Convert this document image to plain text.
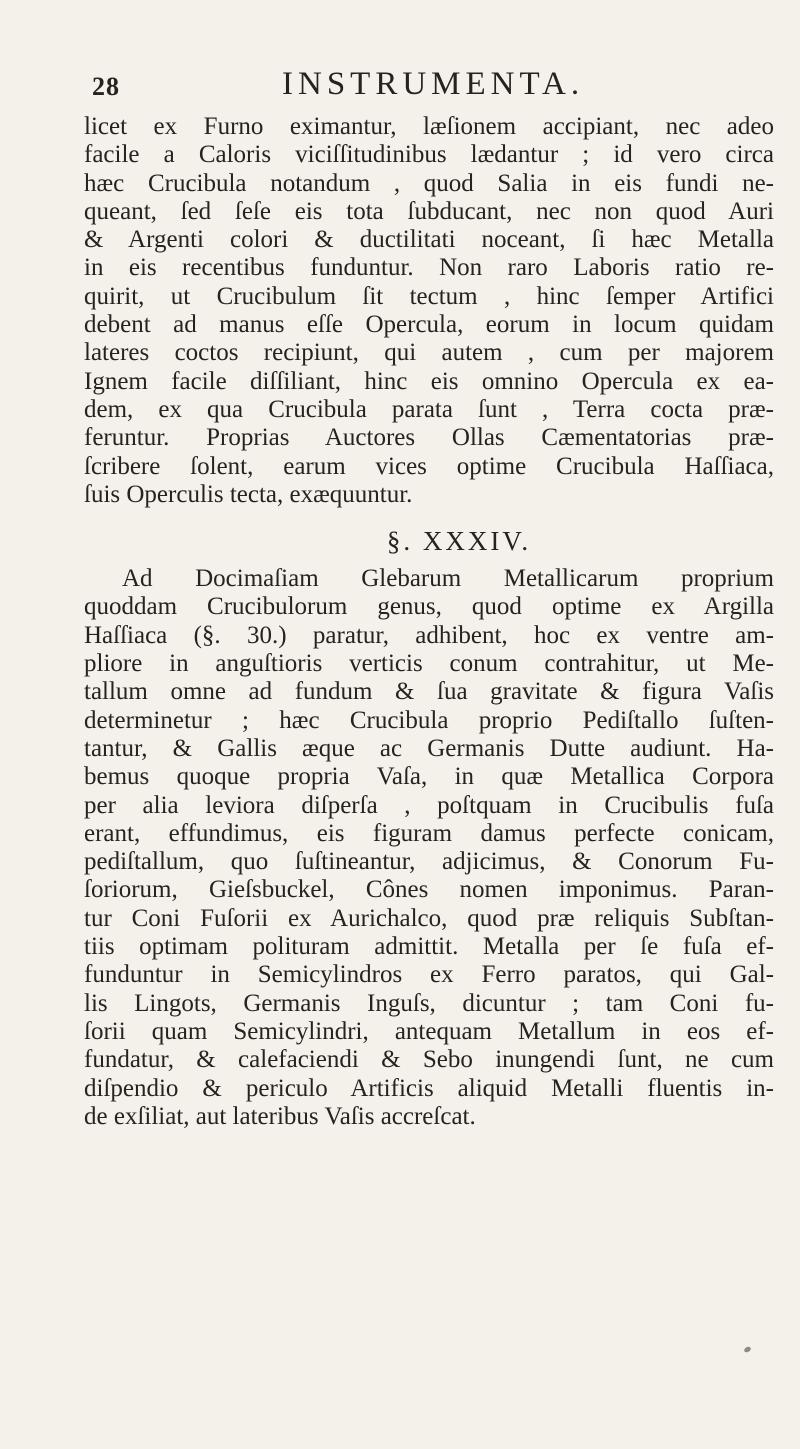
28	INSTRUMENTA.
licet ex Furno eximantur, læſionem accipiant, nec adeo
facile a Caloris viciſſitudinibus lædantur ; id vero circa
hæc Crucibula notandum , quod Salia in eis fundi ne-
queant, ſed ſeſe eis tota ſubducant, nec non quod Auri
& Argenti colori & ductilitati noceant, ſi hæc Metalla
in eis recentibus funduntur. Non raro Laboris ratio re-
quirit, ut Crucibulum ſit tectum , hinc ſemper Artifici
debent ad manus eſſe Opercula, eorum in locum quidam
lateres coctos recipiunt, qui autem , cum per majorem
Ignem facile diſſiliant, hinc eis omnino Opercula ex ea-
dem, ex qua Crucibula parata ſunt , Terra cocta præ-
feruntur. Proprias Auctores Ollas Cæmentatorias præ-
ſcribere ſolent, earum vices optime Crucibula Haſſiaca,
ſuis Operculis tecta, exæquuntur.
§. XXXIV.
Ad Docimaſiam Glebarum Metallicarum proprium
quoddam Crucibulorum genus, quod optime ex Argilla
Haſſiaca (§. 30.) paratur, adhibent, hoc ex ventre am-
pliore in anguſtioris verticis conum contrahitur, ut Me-
tallum omne ad fundum & ſua gravitate & figura Vaſis
determinetur ; hæc Crucibula proprio Pediſtallo ſuſten-
tantur, & Gallis æque ac Germanis Dutte audiunt. Ha-
bemus quoque propria Vaſa, in quæ Metallica Corpora
per alia leviora diſperſa , poſtquam in Crucibulis fuſa
erant, effundimus, eis figuram damus perfecte conicam,
pediſtallum, quo ſuſtineantur, adjicimus, & Conorum Fu-
ſoriorum, Gieſsbuckel, Cônes nomen imponimus. Paran-
tur Coni Fuſorii ex Aurichalco, quod præ reliquis Subſtan-
tiis optimam polituram admittit. Metalla per ſe fuſa ef-
funduntur in Semicylindros ex Ferro paratos, qui Gal-
lis Lingots, Germanis Inguſs, dicuntur ; tam Coni fu-
ſorii quam Semicylindri, antequam Metallum in eos ef-
fundatur, & calefaciendi & Sebo inungendi ſunt, ne cum
diſpendio & periculo Artificis aliquid Metalli fluentis in-
de exſiliat, aut lateribus Vaſis accreſcat.
